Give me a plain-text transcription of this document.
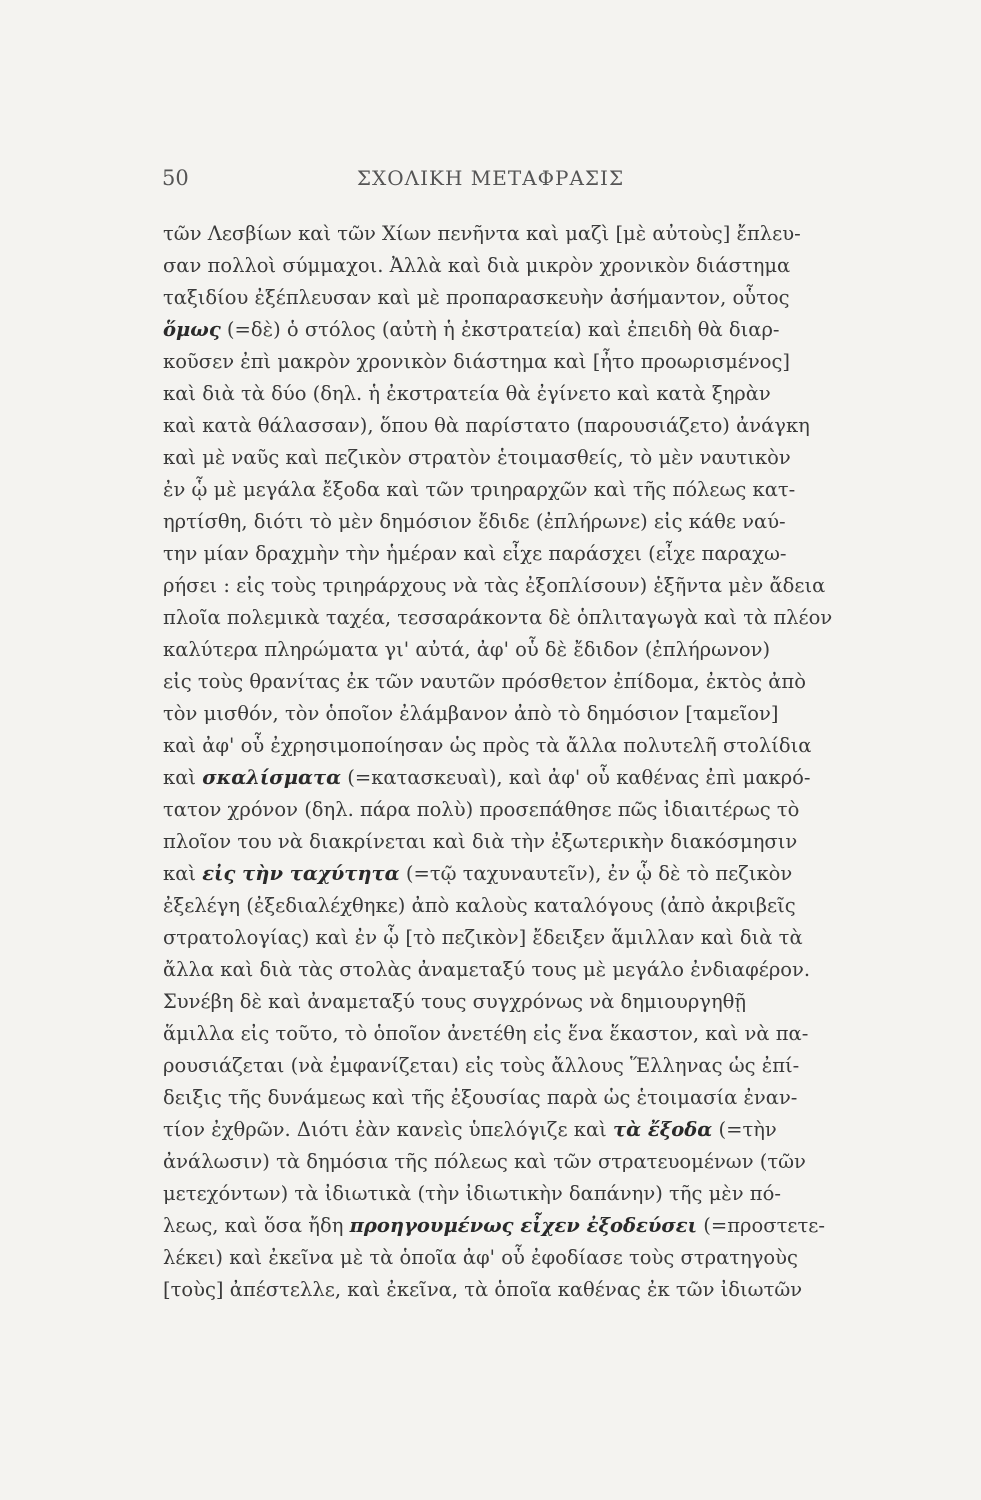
50	ΣΧΟΛΙΚΗ ΜΕΤΑΦΡΑΣΙΣ
τῶν Λεσβίων καὶ τῶν Χίων πενῆντα καὶ μαζὶ [μὲ αὐτοὺς] ἔπλευ-
σαν πολλοὶ σύμμαχοι. Ἀλλὰ καὶ διὰ μικρὸν χρονικὸν διάστημα
ταξιδίου ἐξέπλευσαν καὶ μὲ προπαρασκευὴν ἀσήμαντον, οὗτος
ὅμως (=δὲ) ὁ στόλος (αὐτὴ ἡ ἐκστρατεία) καὶ ἐπειδὴ θὰ διαρ-
κοῦσεν ἐπὶ μακρὸν χρονικὸν διάστημα καὶ [ἦτο προωρισμένος]
καὶ διὰ τὰ δύο (δηλ. ἡ ἐκστρατεία θὰ ἐγίνετο καὶ κατὰ ξηρὰν
καὶ κατὰ θάλασσαν), ὅπου θὰ παρίστατο (παρουσιάζετο) ἀνάγκη
καὶ μὲ ναῦς καὶ πεζικὸν στρατὸν ἑτοιμασθείς, τὸ μὲν ναυτικὸν
ἐν ᾧ μὲ μεγάλα ἔξοδα καὶ τῶν τριηραρχῶν καὶ τῆς πόλεως κατ-
ηρτίσθη, διότι τὸ μὲν δημόσιον ἔδιδε (ἐπλήρωνε) εἰς κάθε ναύ-
την μίαν δραχμὴν τὴν ἡμέραν καὶ εἶχε παράσχει (εἶχε παραχω-
ρήσει : εἰς τοὺς τριηράρχους νὰ τὰς ἐξοπλίσουν) ἑξῆντα μὲν ἄδεια
πλοῖα πολεμικὰ ταχέα, τεσσαράκοντα δὲ ὁπλιταγωγὰ καὶ τὰ πλέον
καλύτερα πληρώματα γι' αὐτά, ἀφ' οὗ δὲ ἔδιδον (ἐπλήρωνον)
εἰς τοὺς θρανίτας ἐκ τῶν ναυτῶν πρόσθετον ἐπίδομα, ἐκτὸς ἀπὸ
τὸν μισθόν, τὸν ὁποῖον ἐλάμβανον ἀπὸ τὸ δημόσιον [ταμεῖον]
καὶ ἀφ' οὗ ἐχρησιμοποίησαν ὡς πρὸς τὰ ἄλλα πολυτελῆ στολίδια
καὶ σκαλίσματα (=κατασκευαὶ), καὶ ἀφ' οὗ καθένας ἐπὶ μακρό-
τατον χρόνον (δηλ. πάρα πολὺ) προσεπάθησε πῶς ἰδιαιτέρως τὸ
πλοῖον του νὰ διακρίνεται καὶ διὰ τὴν ἐξωτερικὴν διακόσμησιν
καὶ εἰς τὴν ταχύτητα (=τῷ ταχυναυτεῖν), ἐν ᾧ δὲ τὸ πεζικὸν
ἐξελέγη (ἐξεδιαλέχθηκε) ἀπὸ καλοὺς καταλόγους (ἀπὸ ἀκριβεῖς
στρατολογίας) καὶ ἐν ᾧ [τὸ πεζικὸν] ἔδειξεν ἅμιλλαν καὶ διὰ τὰ
ἄλλα καὶ διὰ τὰς στολὰς ἀναμεταξύ τους μὲ μεγάλο ἐνδιαφέρον.
Συνέβη δὲ καὶ ἀναμεταξύ τους συγχρόνως νὰ δημιουργηθῇ
ἅμιλλα εἰς τοῦτο, τὸ ὁποῖον ἀνετέθη εἰς ἕνα ἕκαστον, καὶ νὰ πα-
ρουσιάζεται (νὰ ἐμφανίζεται) εἰς τοὺς ἄλλους Ἕλληνας ὡς ἐπί-
δειξις τῆς δυνάμεως καὶ τῆς ἐξουσίας παρὰ ὡς ἑτοιμασία ἐναν-
τίον ἐχθρῶν. Διότι ἐὰν κανεὶς ὑπελόγιζε καὶ τὰ ἔξοδα (=τὴν
ἀνάλωσιν) τὰ δημόσια τῆς πόλεως καὶ τῶν στρατευομένων (τῶν
μετεχόντων) τὰ ἰδιωτικὰ (τὴν ἰδιωτικὴν δαπάνην) τῆς μὲν πό-
λεως, καὶ ὅσα ἤδη προηγουμένως εἶχεν ἐξοδεύσει (=προστετε-
λέκει) καὶ ἐκεῖνα μὲ τὰ ὁποῖα ἀφ' οὗ ἐφοδίασε τοὺς στρατηγοὺς
[τοὺς] ἀπέστελλε, καὶ ἐκεῖνα, τὰ ὁποῖα καθένας ἐκ τῶν ἰδιωτῶν
